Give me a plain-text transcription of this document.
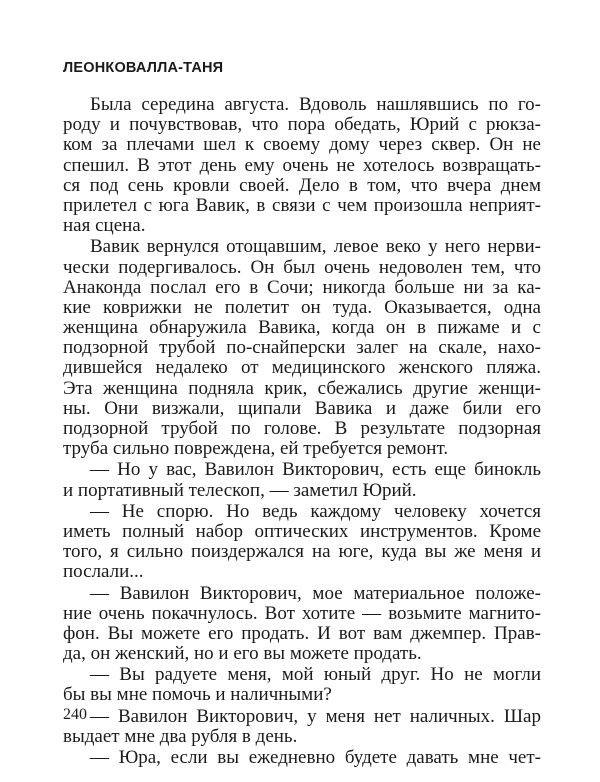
ЛЕОНКОВАЛЛА-ТАНЯ
Была середина августа. Вдоволь нашлявшись по го-
роду и почувствовав, что пора обедать, Юрий с рюкза-
ком за плечами шел к своему дому через сквер. Он не
спешил. В этот день ему очень не хотелось возвращать-
ся под сень кровли своей. Дело в том, что вчера днем
прилетел с юга Вавик, в связи с чем произошла неприят-
ная сцена.
Вавик вернулся отощавшим, левое веко у него нерви-
чески подергивалось. Он был очень недоволен тем, что
Анаконда послал его в Сочи; никогда больше ни за ка-
кие коврижки не полетит он туда. Оказывается, одна
женщина обнаружила Вавика, когда он в пижаме и с
подзорной трубой по-снайперски залег на скале, нахо-
дившейся недалеко от медицинского женского пляжа.
Эта женщина подняла крик, сбежались другие женщи-
ны. Они визжали, щипали Вавика и даже били его
подзорной трубой по голове. В результате подзорная
труба сильно повреждена, ей требуется ремонт.
— Но у вас, Вавилон Викторович, есть еще бинокль
и портативный телескоп, — заметил Юрий.
— Не спорю. Но ведь каждому человеку хочется
иметь полный набор оптических инструментов. Кроме
того, я сильно поиздержался на юге, куда вы же меня и
послали...
— Вавилон Викторович, мое материальное положе-
ние очень покачнулось. Вот хотите — возьмите магнито-
фон. Вы можете его продать. И вот вам джемпер. Прав-
да, он женский, но и его вы можете продать.
— Вы радуете меня, мой юный друг. Но не могли
бы вы мне помочь и наличными?
— Вавилон Викторович, у меня нет наличных. Шар
выдает мне два рубля в день.
— Юра, если вы ежедневно будете давать мне чет-
240
